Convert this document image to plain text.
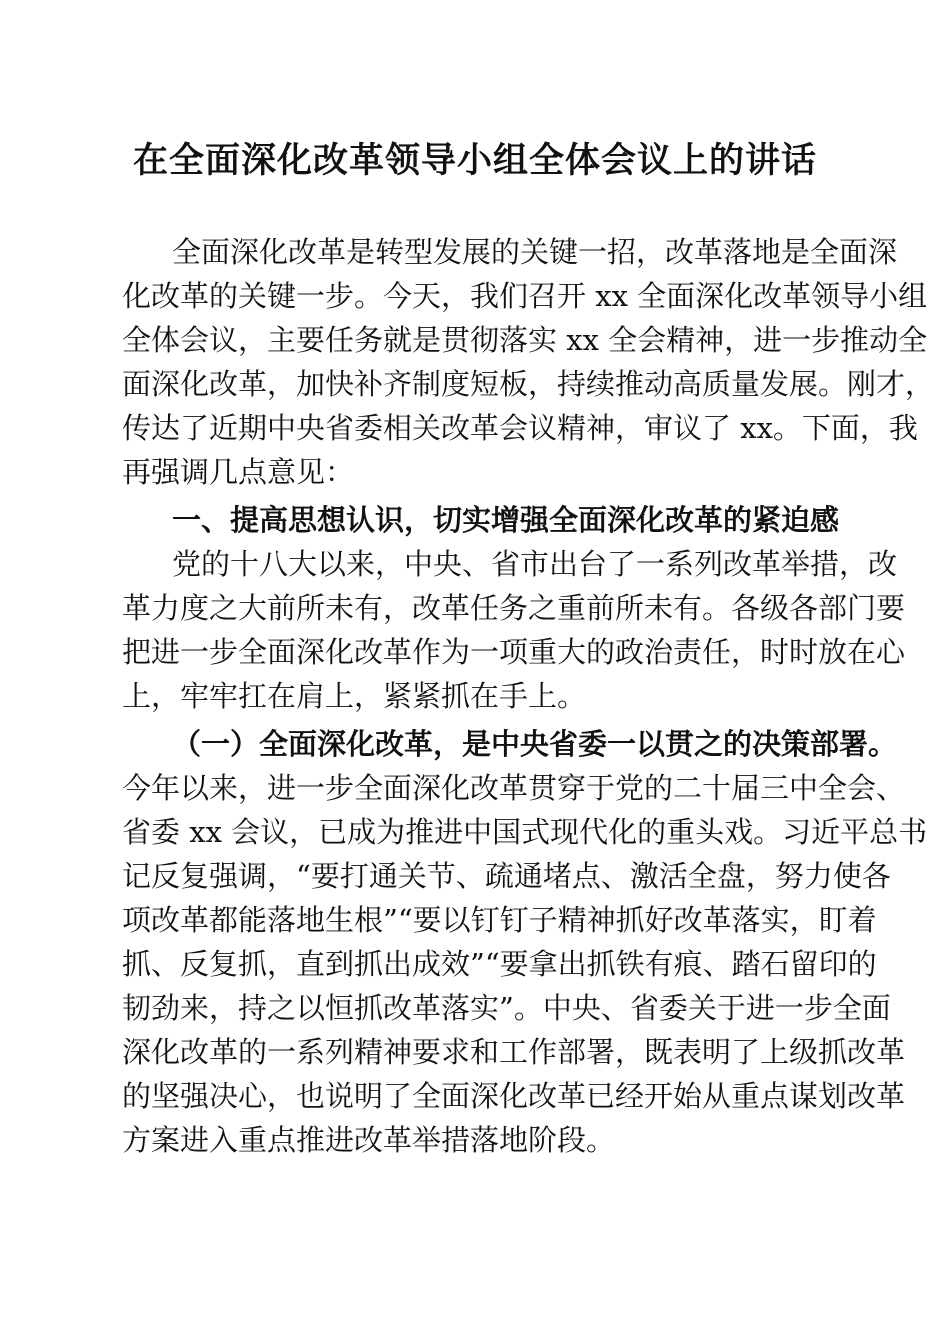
在全面深化改革领导小组全体会议上的讲话
全面深化改革是转型发展的关键一招，改革落地是全面深
化改革的关键一步。今天，我们召开 xx 全面深化改革领导小组
全体会议，主要任务就是贯彻落实 xx 全会精神，进一步推动全
面深化改革，加快补齐制度短板，持续推动高质量发展。刚才，
传达了近期中央省委相关改革会议精神，审议了 xx。下面，我
再强调几点意见：
一、提高思想认识，切实增强全面深化改革的紧迫感
党的十八大以来，中央、省市出台了一系列改革举措，改
革力度之大前所未有，改革任务之重前所未有。各级各部门要
把进一步全面深化改革作为一项重大的政治责任，时时放在心
上，牢牢扛在肩上，紧紧抓在手上。
（一）全面深化改革，是中央省委一以贯之的决策部署。
今年以来，进一步全面深化改革贯穿于党的二十届三中全会、
省委 xx 会议，已成为推进中国式现代化的重头戏。习近平总书
记反复强调，“要打通关节、疏通堵点、激活全盘，努力使各
项改革都能落地生根”“要以钉钉子精神抓好改革落实，盯着
抓、反复抓，直到抓出成效”“要拿出抓铁有痕、踏石留印的
韧劲来，持之以恒抓改革落实”。中央、省委关于进一步全面
深化改革的一系列精神要求和工作部署，既表明了上级抓改革
的坚强决心，也说明了全面深化改革已经开始从重点谋划改革
方案进入重点推进改革举措落地阶段。
